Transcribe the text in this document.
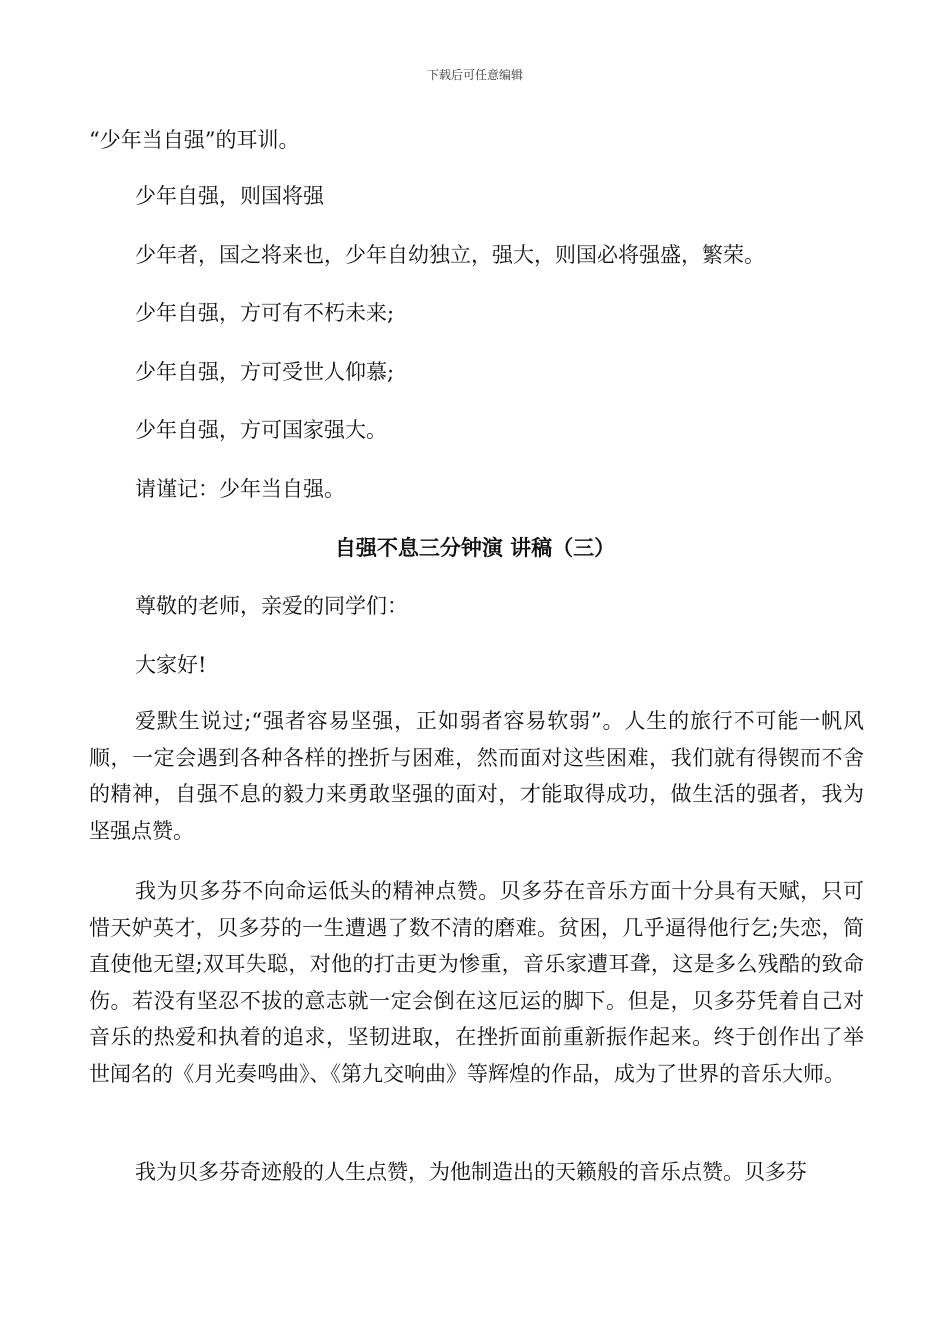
下载后可任意编辑
“少年当自强”的耳训。
少年自强，则国将强
少年者，国之将来也，少年自幼独立，强大，则国必将强盛，繁荣。
少年自强，方可有不朽未来;
少年自强，方可受世人仰慕;
少年自强，方可国家强大。
请谨记：少年当自强。
自强不息三分钟演 讲稿（三）
尊敬的老师，亲爱的同学们：
大家好!
爱默生说过;“强者容易坚强，正如弱者容易软弱”。人生的旅行不可能一帆风顺，一定会遇到各种各样的挫折与困难，然而面对这些困难，我们就有得锲而不舍的精神，自强不息的毅力来勇敢坚强的面对，才能取得成功，做生活的强者，我为坚强点赞。
我为贝多芬不向命运低头的精神点赞。贝多芬在音乐方面十分具有天赋，只可惜天妒英才，贝多芬的一生遭遇了数不清的磨难。贫困，几乎逼得他行乞;失恋，简直使他无望;双耳失聪，对他的打击更为惨重，音乐家遭耳聋，这是多么残酷的致命伤。若没有坚忍不拔的意志就一定会倒在这厄运的脚下。但是，贝多芬凭着自己对音乐的热爱和执着的追求，坚韧进取，在挫折面前重新振作起来。终于创作出了举世闻名的《月光奏鸣曲》、《第九交响曲》等辉煌的作品，成为了世界的音乐大师。
我为贝多芬奇迹般的人生点赞，为他制造出的天籁般的音乐点赞。贝多芬
